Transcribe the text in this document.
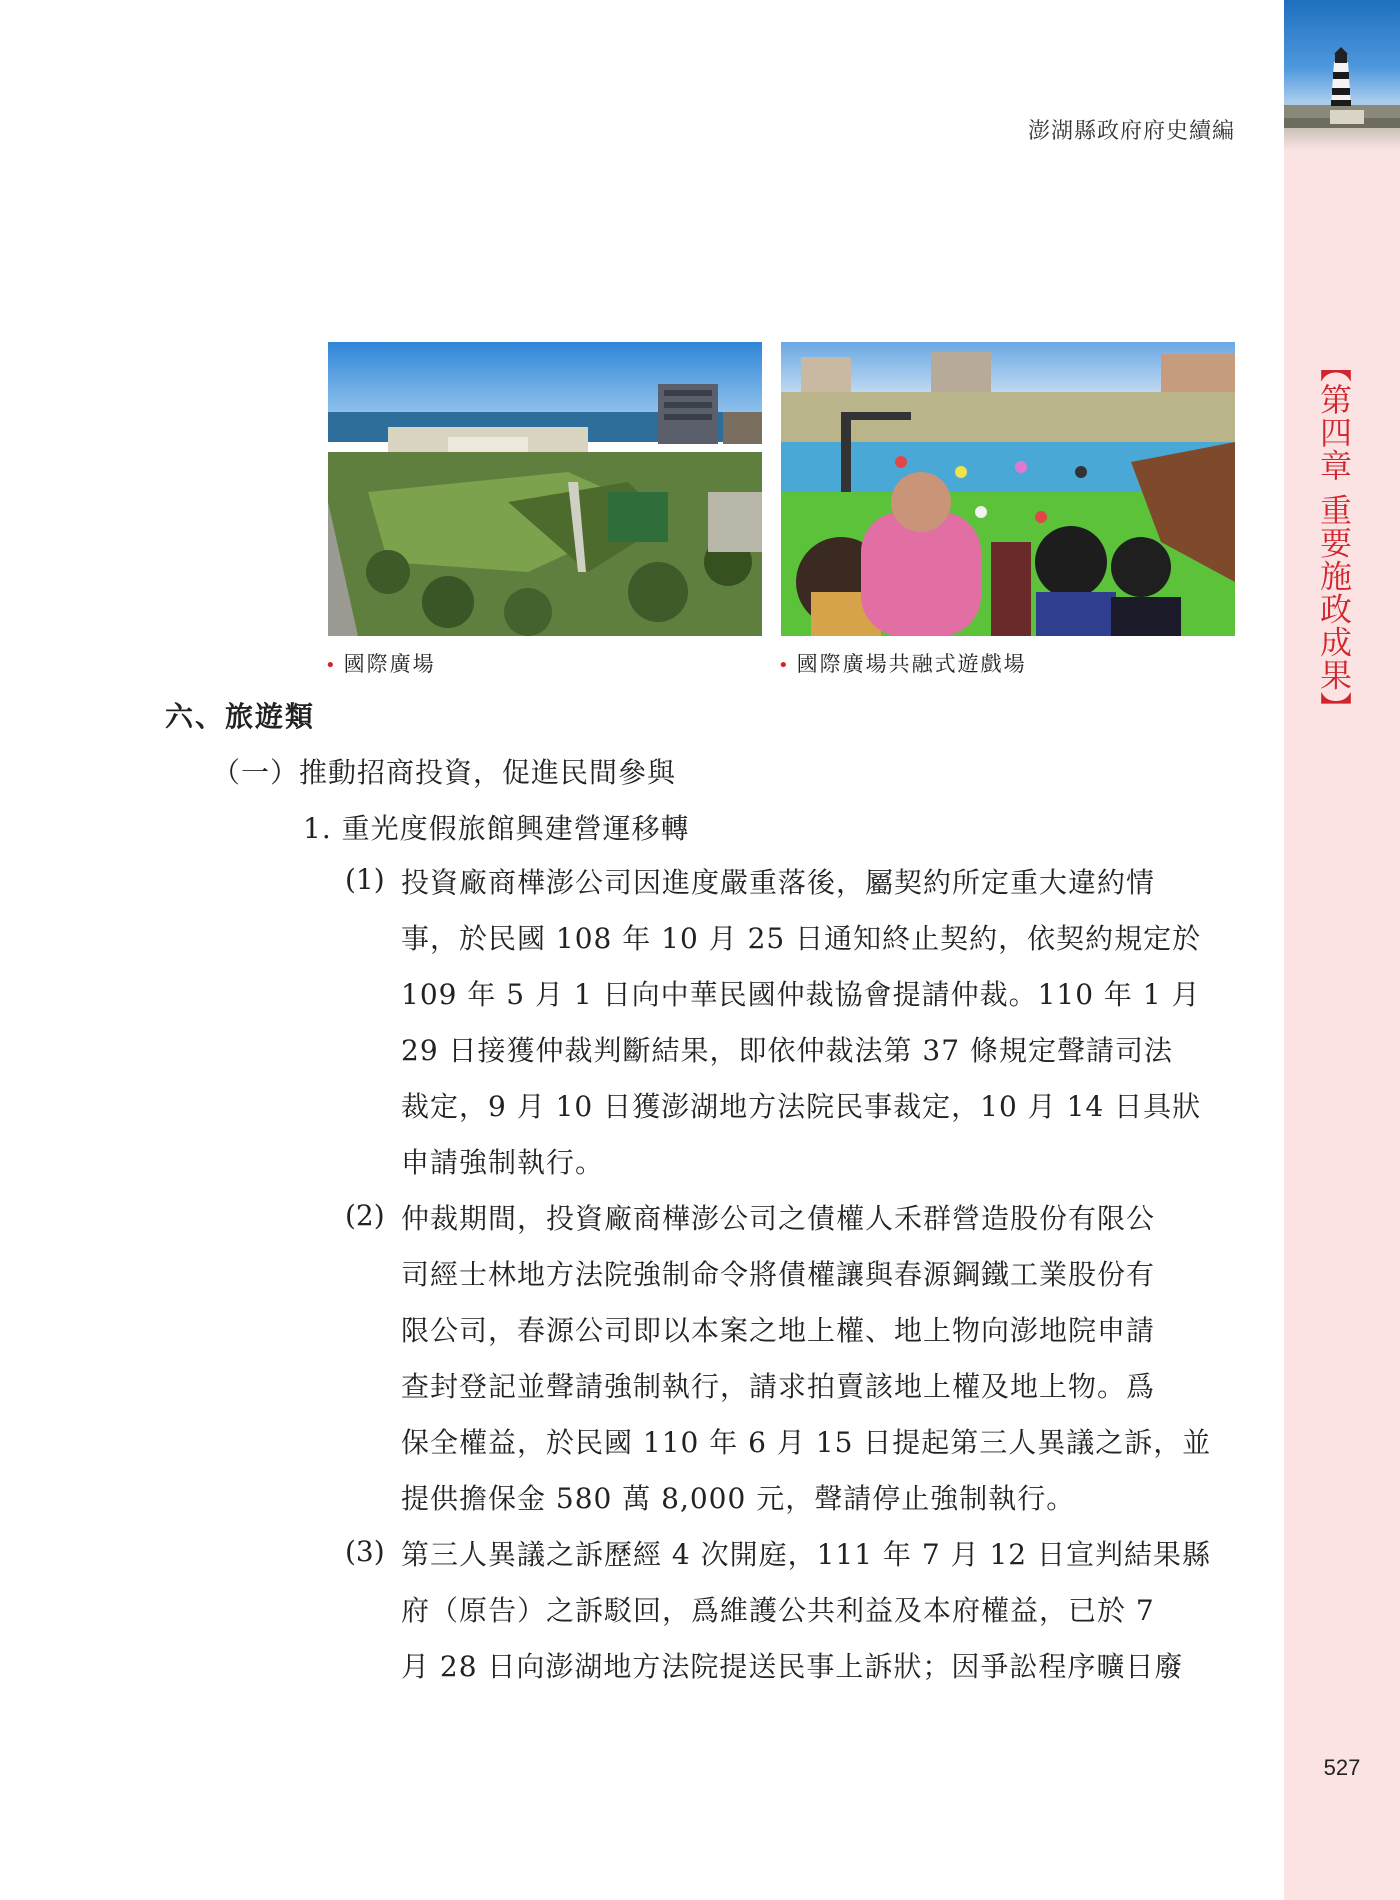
【第四章 重要施政成果】
527
澎湖縣政府府史續編
• 國際廣場	• 國際廣場共融式遊戲場
六、旅遊類
（一）推動招商投資，促進民間參與
1. 重光度假旅館興建營運移轉
(1) 投資廠商樺澎公司因進度嚴重落後，屬契約所定重大違約情
事，於民國 108 年 10 月 25 日通知終止契約，依契約規定於
109 年 5 月 1 日向中華民國仲裁協會提請仲裁。110 年 1 月
29 日接獲仲裁判斷結果，即依仲裁法第 37 條規定聲請司法
裁定，9 月 10 日獲澎湖地方法院民事裁定，10 月 14 日具狀
申請強制執行。
(2) 仲裁期間，投資廠商樺澎公司之債權人禾群營造股份有限公
司經士林地方法院強制命令將債權讓與春源鋼鐵工業股份有
限公司，春源公司即以本案之地上權、地上物向澎地院申請
查封登記並聲請強制執行，請求拍賣該地上權及地上物。爲
保全權益，於民國 110 年 6 月 15 日提起第三人異議之訴，並
提供擔保金 580 萬 8,000 元，聲請停止強制執行。
(3) 第三人異議之訴歷經 4 次開庭，111 年 7 月 12 日宣判結果縣
府（原告）之訴駁回，爲維護公共利益及本府權益，已於 7
月 28 日向澎湖地方法院提送民事上訴狀；因爭訟程序曠日廢
